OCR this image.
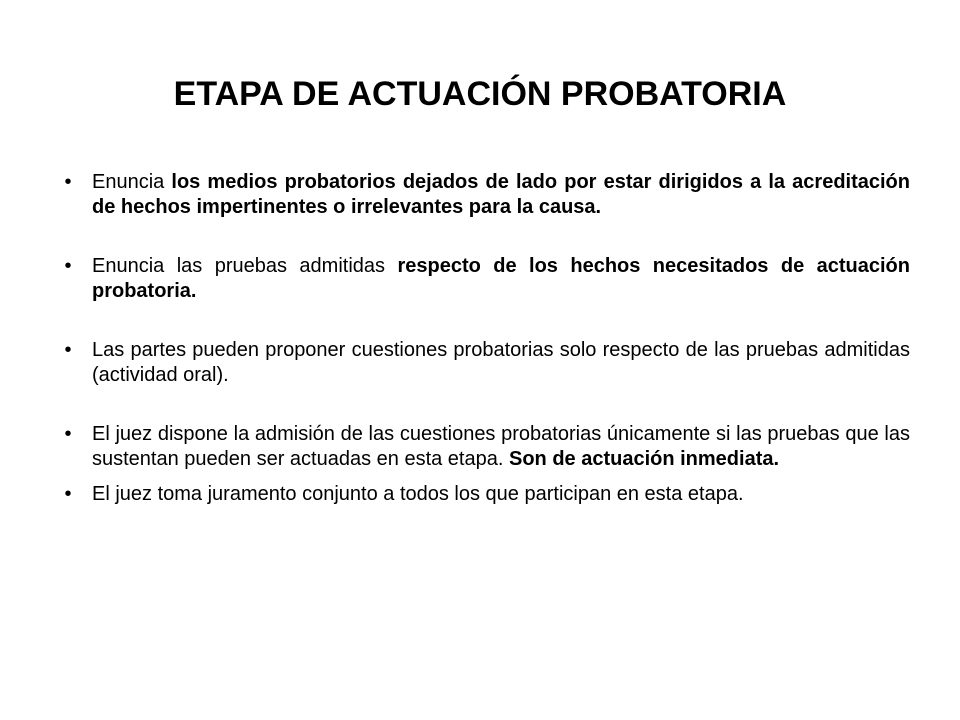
ETAPA DE ACTUACIÓN PROBATORIA
• Enuncia los medios probatorios dejados de lado por estar dirigidos a la acreditación de hechos impertinentes o irrelevantes para la causa.
• Enuncia las pruebas admitidas respecto de los hechos necesitados de actuación probatoria.
• Las partes pueden proponer cuestiones probatorias solo respecto de las pruebas admitidas (actividad oral).
• El juez dispone la admisión de las cuestiones probatorias únicamente si las pruebas que las sustentan pueden ser actuadas en esta etapa. Son de actuación inmediata.
• El juez toma juramento conjunto a todos los que participan en esta etapa.
